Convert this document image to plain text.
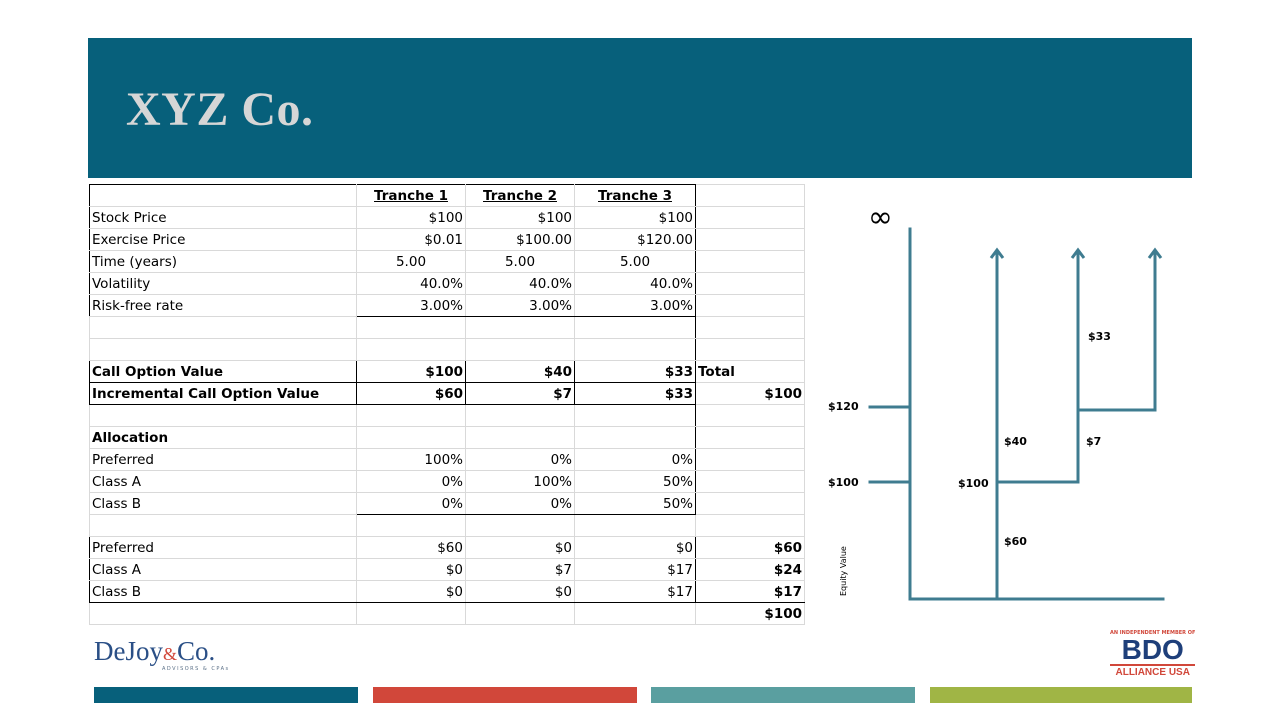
XYZ Co.
	Tranche 1	Tranche 2	Tranche 3	
Stock Price	$100	$100	$100	
Exercise Price	$0.01	$100.00	$120.00	
Time (years)	5.00	5.00	5.00	
Volatility	40.0%	40.0%	40.0%	
Risk-free rate	3.00%	3.00%	3.00%	

Call Option Value	$100	$40	$33	Total
Incremental Call Option Value	$60	$7	$33	$100

Allocation				
Preferred	100%	0%	0%	
Class A	0%	100%	50%	
Class B	0%	0%	50%	

Preferred	$60	$0	$0	$60
Class A	$0	$7	$17	$24
Class B	$0	$0	$17	$17
				$100
∞
$120
$100	$100
$60
$40	$7
$33
Equity Value
DeJoy&Co.
ADVISORS & CPAs
AN INDEPENDENT MEMBER OF
BDO
ALLIANCE USA
